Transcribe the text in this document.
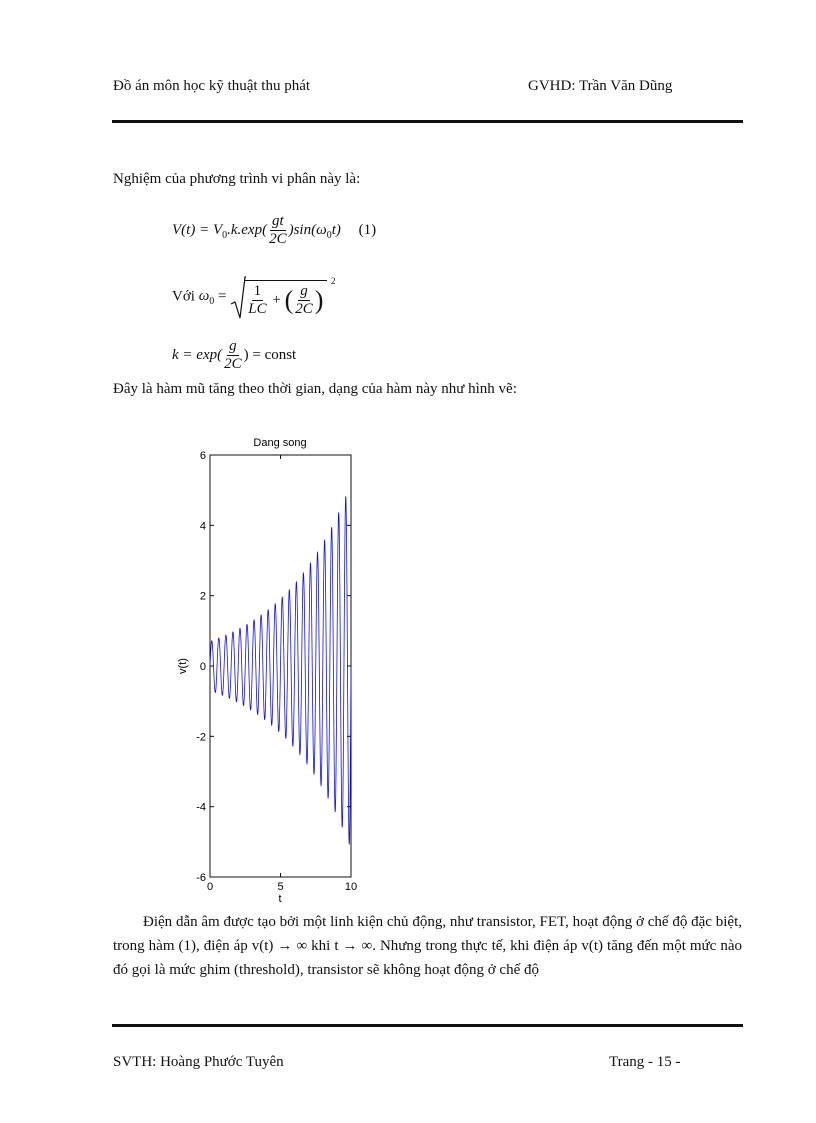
Đồ án môn học kỹ thuật thu phát	GVHD: Trần Văn Dũng
Nghiệm của phương trình vi phân này là:
$V(t) = V_0.k.\exp( \frac{gt}{2C} )\sin(\omega_0t)$ (1)
Với $\omega_0 = \frac{1}{LC}$ + ( $\frac{g}{2C}$ )
2
$k = \exp( \frac{g}{2C}$ ) = const
Đây là hàm mũ tăng theo thời gian, dạng của hàm này như hình vẽ:
Dang song
t
v(t)
6
4
2
0
-2
-4
-6
0	5	10
Điện dẫn âm được tạo bởi một linh kiện chủ động, như transistor, FET, hoạt động ở chế độ đặc biệt, trong hàm (1), điện áp v(t) → ∞ khi t → ∞. Nhưng trong thực tế, khi điện áp v(t) tăng đến một mức nào đó gọi là mức ghim (threshold), transistor sẽ không hoạt động ở chế độ
SVTH: Hoàng Phước Tuyên	Trang - 15 -
